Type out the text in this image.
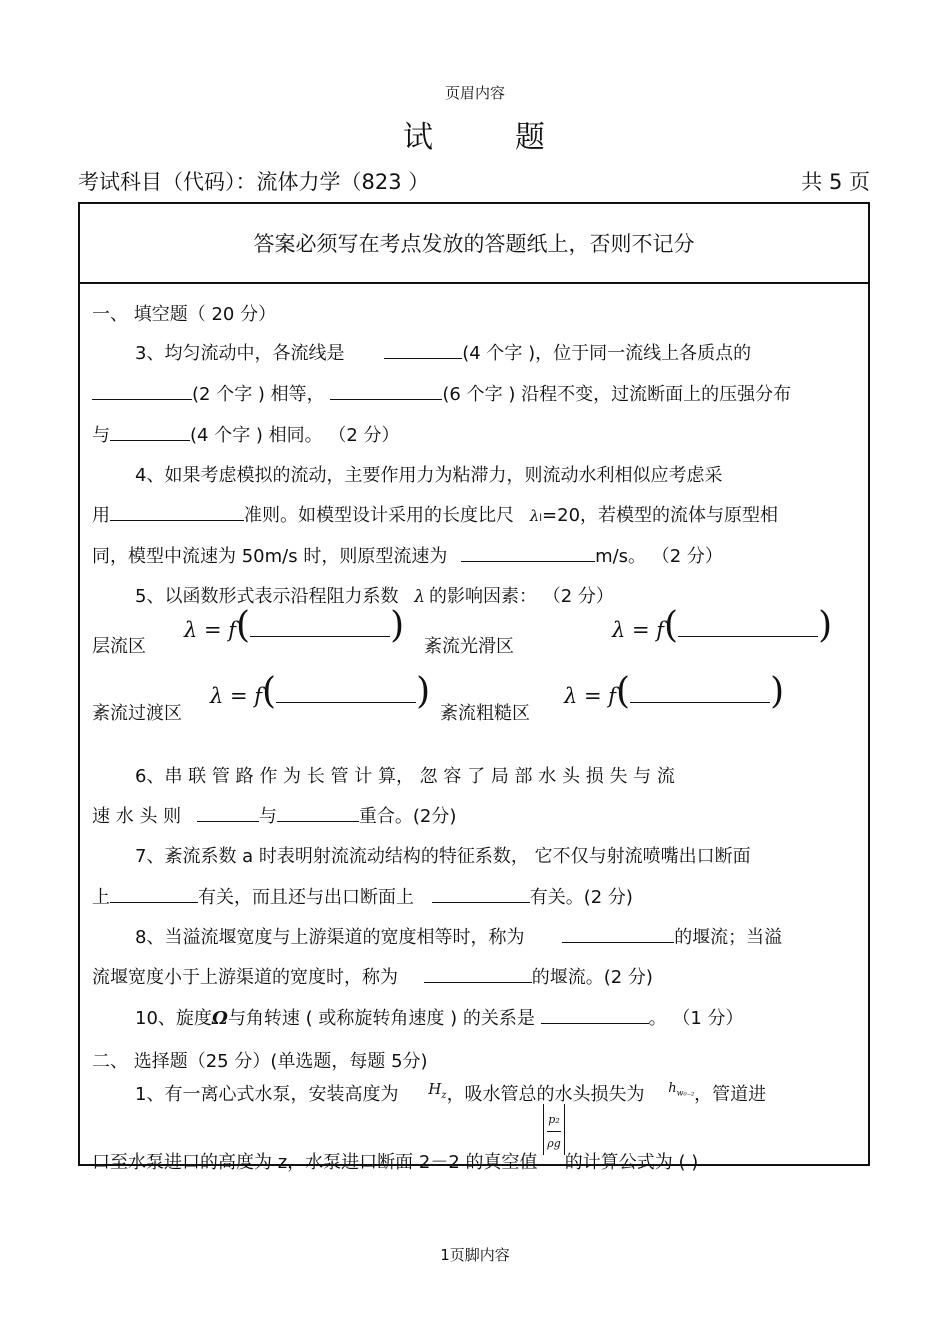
页眉内容
试	题
考试科目（代码）：流体力学（823 ）	共 5 页
答案必须写在考点发放的答题纸上，否则不记分
一、 填空题（ 20 分）
3、均匀流动中，各流线是	(4 个字 )，位于同一流线上各质点的
(2 个字 ) 相等，	(6 个字 ) 沿程不变，过流断面上的压强分布
与	(4 个字 ) 相同。 （2 分）
4、如果考虑模拟的流动，主要作用力为粘滞力，则流动水利相似应考虑采
用	准则。如模型设计采用的长度比尺 λl=20，若模型的流体与原型相
同，模型中流速为 50m/s 时，则原型流速为	m/s。 （2 分）
5、以函数形式表示沿程阻力系数 λ 的影响因素： （2 分）
层流区
λ = f(	)
紊流光滑区
λ = f(	)
紊流过渡区
λ = f(	)
紊流粗糙区
λ = f(	)
6、串 联 管 路 作 为 长 管 计 算， 忽 容 了 局 部 水 头 损 失 与 流
速 水 头 则	与	重合。(2分)
7、紊流系数 a 时表明射流流动结构的特征系数， 它不仅与射流喷嘴出口断面
上	有关，而且还与出口断面上	有关。(2 分)
8、当溢流堰宽度与上游渠道的宽度相等时，称为	的堰流；当溢
流堰宽度小于上游渠道的宽度时，称为	的堰流。(2 分)
10、旋度Ω与角转速 ( 或称旋转角速度 ) 的关系是	。 （1 分）
二、 选择题（25 分）(单选题，每题 5分)
1、有一离心式水泵，安装高度为 $^{H_z}$，吸水管总的水头损失为 $^{h_{w_{0-2}}}$，管道进
口至水泵进口的高度为 z，水泵进口断面 2－2 的真空值
$\frac{\text{p₂}}{\rho g}$
的计算公式为 ( )
1页脚内容
